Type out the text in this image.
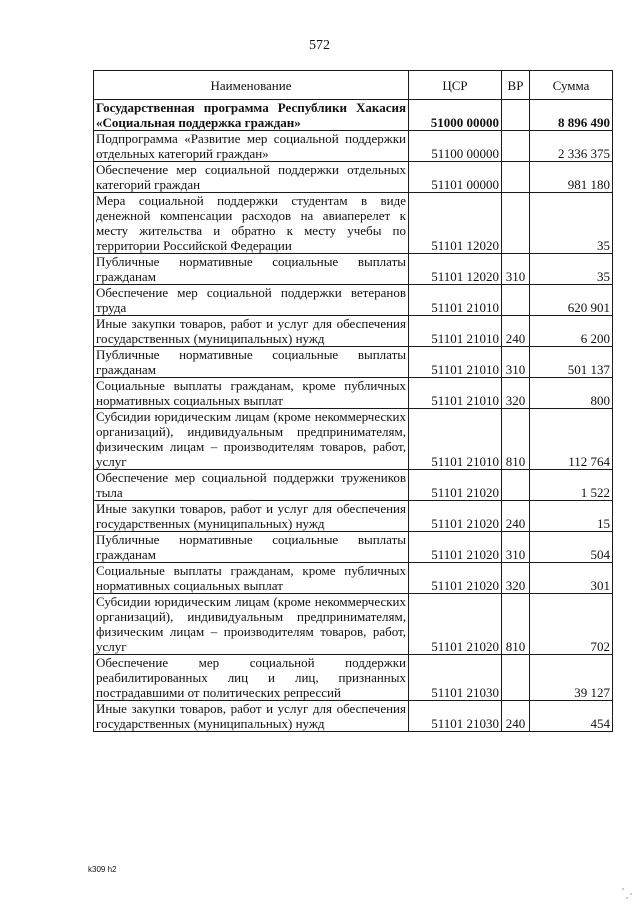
572
Наименование	ЦСР	ВР	Сумма
Государственная программа Республики Хакасия «Социальная поддержка граждан»	51000 00000		8 896 490
Подпрограмма «Развитие мер социальной поддержки отдельных категорий граждан»	51100 00000		2 336 375
Обеспечение мер социальной поддержки отдельных категорий граждан	51101 00000		981 180
Мера социальной поддержки студентам в виде денежной компенсации расходов на авиаперелет к месту жительства и обратно к месту учебы по территории Российской Федерации	51101 12020		35
Публичные нормативные социальные выплаты гражданам	51101 12020	310	35
Обеспечение мер социальной поддержки ветеранов труда	51101 21010		620 901
Иные закупки товаров, работ и услуг для обеспечения государственных (муниципальных) нужд	51101 21010	240	6 200
Публичные нормативные социальные выплаты гражданам	51101 21010	310	501 137
Социальные выплаты гражданам, кроме публичных нормативных социальных выплат	51101 21010	320	800
Субсидии юридическим лицам (кроме некоммерческих организаций), индивидуальным предпринимателям, физическим лицам – производителям товаров, работ, услуг	51101 21010	810	112 764
Обеспечение мер социальной поддержки тружеников тыла	51101 21020		1 522
Иные закупки товаров, работ и услуг для обеспечения государственных (муниципальных) нужд	51101 21020	240	15
Публичные нормативные социальные выплаты гражданам	51101 21020	310	504
Социальные выплаты гражданам, кроме публичных нормативных социальных выплат	51101 21020	320	301
Субсидии юридическим лицам (кроме некоммерческих организаций), индивидуальным предпринимателям, физическим лицам – производителям товаров, работ, услуг	51101 21020	810	702
Обеспечение мер социальной поддержки реабилитированных лиц и лиц, признанных пострадавшими от политических репрессий	51101 21030		39 127
Иные закупки товаров, работ и услуг для обеспечения государственных (муниципальных) нужд	51101 21030	240	454
k309 h2
